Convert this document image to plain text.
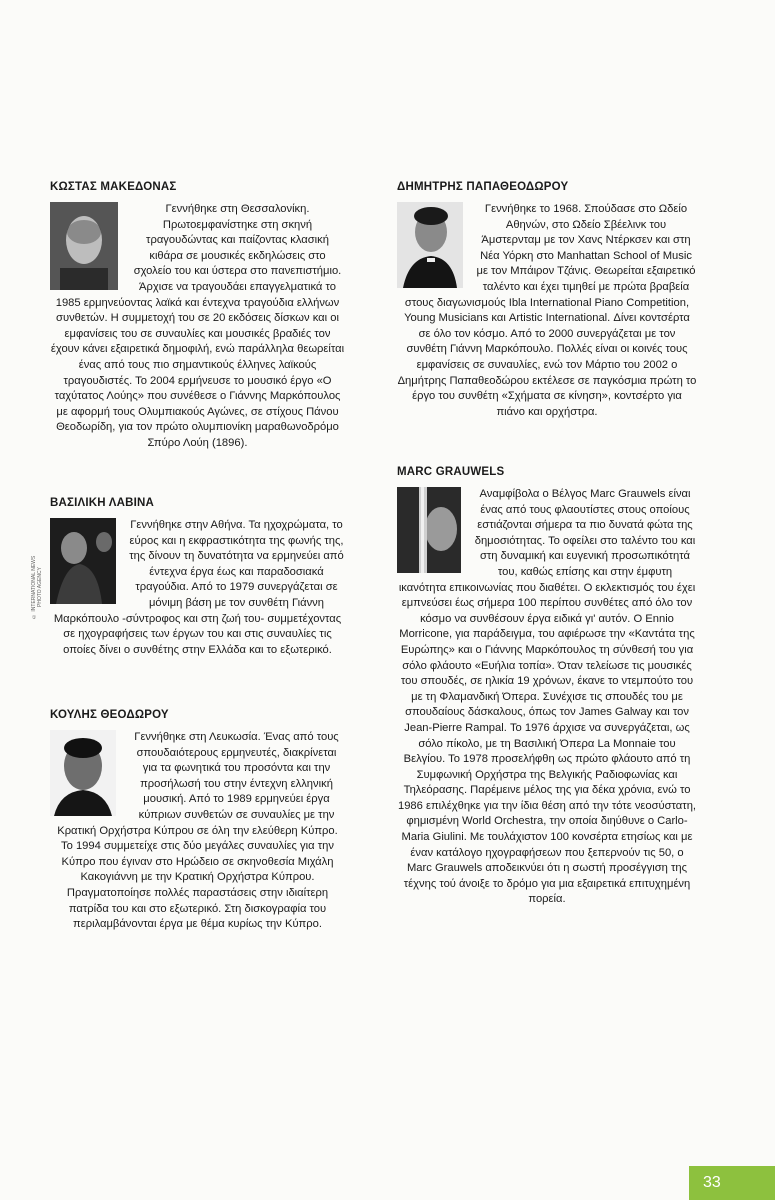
ΚΩΣΤΑΣ ΜΑΚΕΔΟΝΑΣ
Γεννήθηκε στη Θεσσαλονίκη. Πρωτοεμφανίστηκε στη σκηνή τραγουδώντας και παίζοντας κλασική κιθάρα σε μουσικές εκδηλώσεις στο σχολείο του και ύστερα στο πανεπιστήμιο. Άρχισε να τραγουδάει επαγγελματικά το 1985 ερμηνεύοντας λαϊκά και έντεχνα τραγούδια ελλήνων συνθετών. Η συμμετοχή του σε 20 εκδόσεις δίσκων και οι εμφανίσεις του σε συναυλίες και μουσικές βραδιές τον έχουν κάνει εξαιρετικά δημοφιλή, ενώ παράλληλα θεωρείται ένας από τους πιο σημαντικούς έλληνες λαϊκούς τραγουδιστές. Το 2004 ερμήνευσε το μουσικό έργο «Ο ταχύτατος Λούης» που συνέθεσε ο Γιάννης Μαρκόπουλος με αφορμή τους Ολυμπιακούς Αγώνες, σε στίχους Πάνου Θεοδωρίδη, για τον πρώτο ολυμπιονίκη μαραθωνοδρόμο Σπύρο Λούη (1896).
ΒΑΣΙΛΙΚΗ ΛΑΒΙΝΑ
Γεννήθηκε στην Αθήνα. Τα ηχοχρώματα, το εύρος και η εκφραστικότητα της φωνής της, της δίνουν τη δυνατότητα να ερμηνεύει από έντεχνα έργα έως και παραδοσιακά τραγούδια. Από το 1979 συνεργάζεται σε μόνιμη βάση με τον συνθέτη Γιάννη Μαρκόπουλο -σύντροφος και στη ζωή του- συμμετέχοντας σε ηχογραφήσεις των έργων του και στις συναυλίες τις οποίες δίνει ο συνθέτης στην Ελλάδα και το εξωτερικό.
© INTERNATIONAL NEWS PHOTO AGENCY
ΚΟΥΛΗΣ ΘΕΟΔΩΡΟΥ
Γεννήθηκε στη Λευκωσία. Ένας από τους σπουδαιότερους ερμηνευτές, διακρίνεται για τα φωνητικά του προσόντα και την προσήλωσή του στην έντεχνη ελληνική μουσική. Από το 1989 ερμηνεύει έργα κύπριων συνθετών σε συναυλίες με την Κρατική Ορχήστρα Κύπρου σε όλη την ελεύθερη Κύπρο. Το 1994 συμμετείχε στις δύο μεγάλες συναυλίες για την Κύπρο που έγιναν στο Ηρώδειο σε σκηνοθεσία Μιχάλη Κακογιάννη με την Κρατική Ορχήστρα Κύπρου. Πραγματοποίησε πολλές παραστάσεις στην ιδιαίτερη πατρίδα του και στο εξωτερικό. Στη δισκογραφία του περιλαμβάνονται έργα με θέμα κυρίως την Κύπρο.
ΔΗΜΗΤΡΗΣ ΠΑΠΑΘΕΟΔΩΡΟΥ
Γεννήθηκε το 1968. Σπούδασε στο Ωδείο Αθηνών, στο Ωδείο Σβέελινκ του Άμστερνταμ με τον Χανς Ντέρκσεν και στη Νέα Υόρκη στο Manhattan School of Music με τον Μπάιρον Τζάνις. Θεωρείται εξαιρετικό ταλέντο και έχει τιμηθεί με πρώτα βραβεία στους διαγωνισμούς Ibla International Piano Competition, Young Musicians και Artistic International. Δίνει κοντσέρτα σε όλο τον κόσμο. Από το 2000 συνεργάζεται με τον συνθέτη Γιάννη Μαρκόπουλο. Πολλές είναι οι κοινές τους εμφανίσεις σε συναυλίες, ενώ τον Μάρτιο του 2002 ο Δημήτρης Παπαθεοδώρου εκτέλεσε σε παγκόσμια πρώτη το έργο του συνθέτη «Σχήματα σε κίνηση», κοντσέρτο για πιάνο και ορχήστρα.
MARC GRAUWELS
Αναμφίβολα ο Βέλγος Marc Grauwels είναι ένας από τους φλαουτίστες στους οποίους εστιάζονται σήμερα τα πιο δυνατά φώτα της δημοσιότητας. Το οφείλει στο ταλέντο του και στη δυναμική και ευγενική προσωπικότητά του, καθώς επίσης και στην έμφυτη ικανότητα επικοινωνίας που διαθέτει. Ο εκλεκτισμός του έχει εμπνεύσει έως σήμερα 100 περίπου συνθέτες από όλο τον κόσμο να συνθέσουν έργα ειδικά γι' αυτόν. Ο Ennio Morricone, για παράδειγμα, του αφιέρωσε την «Καντάτα της Ευρώπης» και ο Γιάννης Μαρκόπουλος τη σύνθεσή του για σόλο φλάουτο «Ευήλια τοπία». Όταν τελείωσε τις μουσικές του σπουδές, σε ηλικία 19 χρόνων, έκανε το ντεμπούτο του με τη Φλαμανδική Όπερα. Συνέχισε τις σπουδές του με σπουδαίους δάσκαλους, όπως τον James Galway και τον Jean-Pierre Rampal. Το 1976 άρχισε να συνεργάζεται, ως σόλο πίκολο, με τη Βασιλική Όπερα La Monnaie του Βελγίου. Το 1978 προσελήφθη ως πρώτο φλάουτο από τη Συμφωνική Ορχήστρα της Βελγικής Ραδιοφωνίας και Τηλεόρασης. Παρέμεινε μέλος της για δέκα χρόνια, ενώ το 1986 επιλέχθηκε για την ίδια θέση από την τότε νεοσύστατη, φημισμένη World Orchestra, την οποία διηύθυνε ο Carlo-Maria Giulini. Με τουλάχιστον 100 κονσέρτα ετησίως και με έναν κατάλογο ηχογραφήσεων που ξεπερνούν τις 50, ο Marc Grauwels αποδεικνύει ότι η σωστή προσέγγιση της τέχνης τού άνοιξε το δρόμο για μια εξαιρετικά επιτυχημένη πορεία.
33
